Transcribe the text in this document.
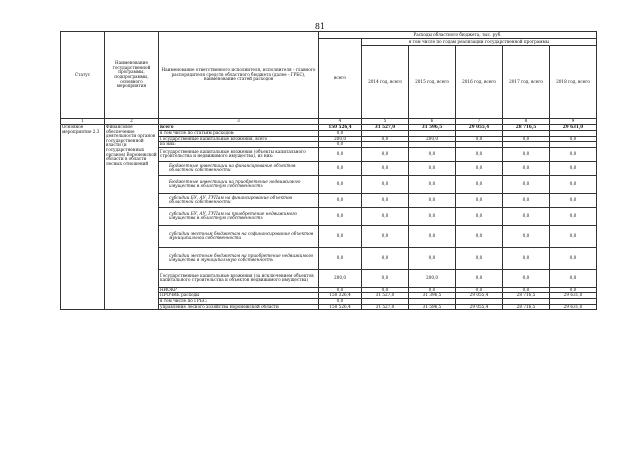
81
Статус	Наименование государственной программы, подпрограммы, основного мероприятия	Наименование ответственного исполнителя, исполнителя - главного распорядителя средств областного бюджета (далее - ГРБС), наименование статей расходов	Расходы областного бюджета, тыс. руб.					
			всего	в том числе по годам реализации государственной программы				
				2014 год, всего	2015 год, всего	2016 год, всего	2017 год, всего	2018 год, всего
1	2	3	4	5	6	7	8	9
Основное мероприятие 2.3	Финансовое обеспечение деятельности органов государственной власти (и государственных органов) Воронежской области в области лесных отношений	всего	150 526,4	31 527,0	31 596,5	29 055,4	28 716,5	29 631,0
		в том числе по статьям расходов:	0,0					
		Государственные капитальные вложения, всего	200,0	0,0	200,0	0,0	0,0	0,0
		из них:	0,0					
		Государственные капитальные вложения (объекты капитального строительства и недвижимого имущества), из них:	0,0	0,0	0,0	0,0	0,0	0,0
		Бюджетные инвестиции на финансирование объектов областной собственности	0,0	0,0	0,0	0,0	0,0	0,0
		Бюджетные инвестиции на приобретение недвижимого имущества в областную собственность	0,0	0,0	0,0	0,0	0,0	0,0
		субсидии БУ, АУ, ГУПам на финансирование объектов областной собственности	0,0	0,0	0,0	0,0	0,0	0,0
		субсидии БУ, АУ, ГУПам на приобретение недвижимого имущества в областную собственность	0,0	0,0	0,0	0,0	0,0	0,0
		субсидии местным бюджетам на софинансирование объектов муниципальной собственности	0,0	0,0	0,0	0,0	0,0	0,0
		субсидии местным бюджетам на приобретение недвижимого имущества в муниципальную собственность	0,0	0,0	0,0	0,0	0,0	0,0
		Государственные капитальные вложения (за исключением объектов капитального строительства и объектов недвижимого имущества)	200,0	0,0	200,0	0,0	0,0	0,0
		НИОКР	0,0	0,0	0,0	0,0	0,0	0,0
		ПРОЧИЕ расходы	150 326,4	31 527,0	31 396,5	29 055,4	28 716,5	29 631,0
		в том числе по ГРБС:	0,0					
		управление лесного хозяйства Воронежской области	150 526,4	31 527,0	31 596,5	29 055,4	28 716,5	29 631,0
